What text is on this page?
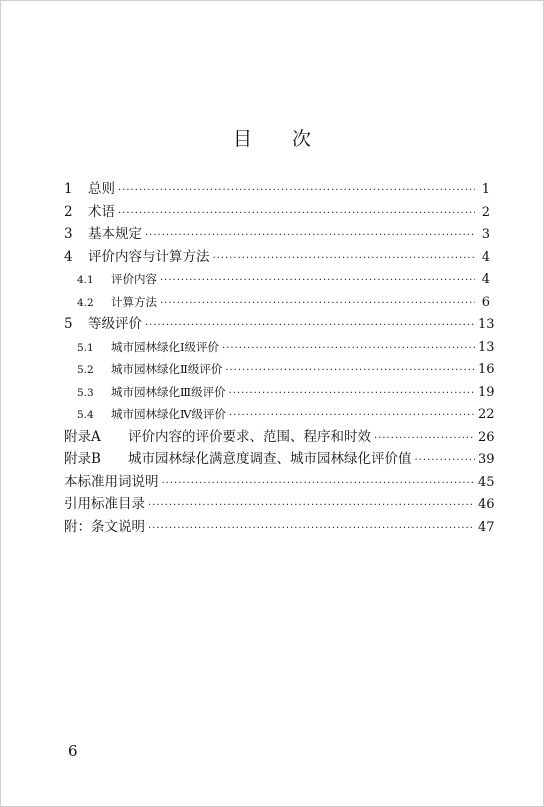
目次
1	总则 ·····	1
2	术语 ·····	2
3	基本规定 ·····	3
4	评价内容与计算方法 ·····	4
4.1	评价内容 ·····	4
4.2	计算方法 ·····	6
5	等级评价 ·····	13
5.1	城市园林绿化Ⅰ级评价 ·····	13
5.2	城市园林绿化Ⅱ级评价 ·····	16
5.3	城市园林绿化Ⅲ级评价 ·····	19
5.4	城市园林绿化Ⅳ级评价 ·····	22
附录A	评价内容的评价要求、范围、程序和时效 ·····	26
附录B	城市园林绿化满意度调查、城市园林绿化评价值 ·····	39
本标准用词说明 ·····	45
引用标准目录 ·····	46
附：条文说明 ·····	47
6
